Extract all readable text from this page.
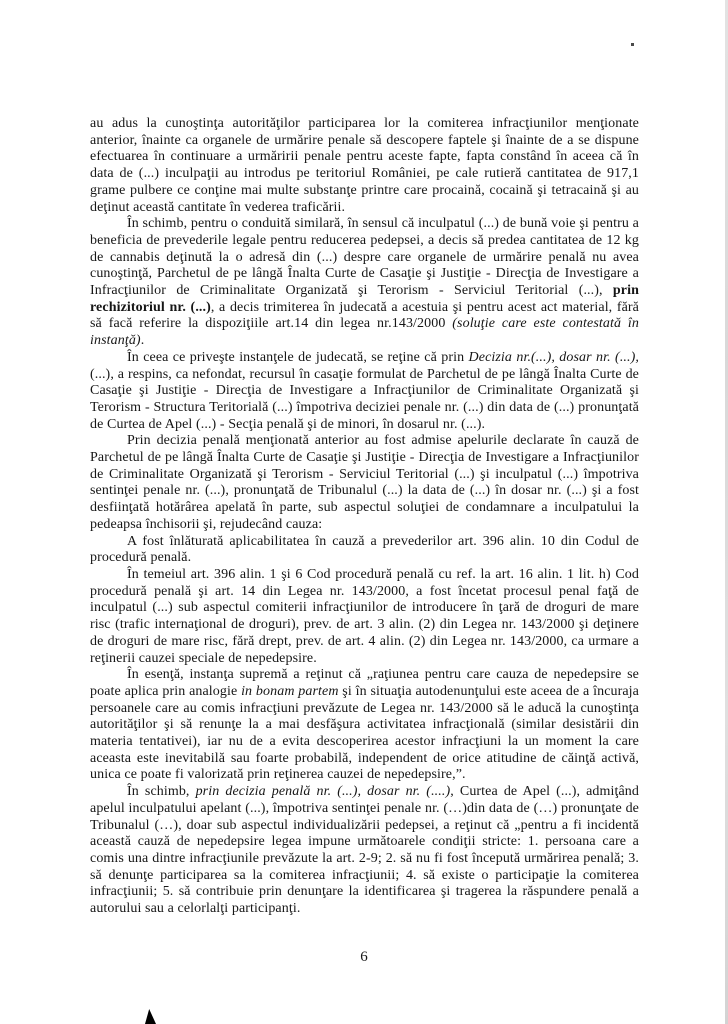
au adus la cunoştinţa autorităţilor participarea lor la comiterea infracţiunilor menţionate anterior, înainte ca organele de urmărire penale să descopere faptele şi înainte de a se dispune efectuarea în continuare a urmăririi penale pentru aceste fapte, fapta constând în aceea că în data de (...) inculpaţii au introdus pe teritoriul României, pe cale rutieră cantitatea de 917,1 grame pulbere ce conţine mai multe substanţe printre care procaină, cocaină şi tetracaină şi au deţinut această cantitate în vederea traficării.

În schimb, pentru o conduită similară, în sensul că inculpatul (...) de bună voie şi pentru a beneficia de prevederile legale pentru reducerea pedepsei, a decis să predea cantitatea de 12 kg de cannabis deţinută la o adresă din (...) despre care organele de urmărire penală nu avea cunoştinţă, Parchetul de pe lângă Înalta Curte de Casaţie şi Justiţie - Direcţia de Investigare a Infracţiunilor de Criminalitate Organizată şi Terorism - Serviciul Teritorial (...), prin rechizitoriul nr. (...), a decis trimiterea în judecată a acestuia şi pentru acest act material, fără să facă referire la dispoziţiile art.14 din legea nr.143/2000 (soluţie care este contestată în instanţă).

În ceea ce priveşte instanţele de judecată, se reţine că prin Decizia nr.(...), dosar nr. (...), (...), a respins, ca nefondat, recursul în casaţie formulat de Parchetul de pe lângă Înalta Curte de Casaţie şi Justiţie - Direcţia de Investigare a Infracţiunilor de Criminalitate Organizată şi Terorism - Structura Teritorială (...) împotriva deciziei penale nr. (...) din data de (...) pronunţată de Curtea de Apel (...) - Secţia penală şi de minori, în dosarul nr. (...).

Prin decizia penală menţionată anterior au fost admise apelurile declarate în cauză de Parchetul de pe lângă Înalta Curte de Casaţie şi Justiţie - Direcţia de Investigare a Infracţiunilor de Criminalitate Organizată şi Terorism - Serviciul Teritorial (...) şi inculpatul (...) împotriva sentinţei penale nr. (...), pronunţată de Tribunalul (...) la data de (...) în dosar nr. (...) şi a fost desfiinţată hotărârea apelată în parte, sub aspectul soluţiei de condamnare a inculpatului la pedeapsa închisorii şi, rejudecând cauza:

A fost înlăturată aplicabilitatea în cauză a prevederilor art. 396 alin. 10 din Codul de procedură penală.

În temeiul art. 396 alin. 1 şi 6 Cod procedură penală cu ref. la art. 16 alin. 1 lit. h) Cod procedură penală şi art. 14 din Legea nr. 143/2000, a fost încetat procesul penal faţă de inculpatul (...) sub aspectul comiterii infracţiunilor de introducere în ţară de droguri de mare risc (trafic internaţional de droguri), prev. de art. 3 alin. (2) din Legea nr. 143/2000 şi deţinere de droguri de mare risc, fără drept, prev. de art. 4 alin. (2) din Legea nr. 143/2000, ca urmare a reţinerii cauzei speciale de nepedepsire.

În esenţă, instanţa supremă a reţinut că „raţiunea pentru care cauza de nepedepsire se poate aplica prin analogie in bonam partem şi în situaţia autodenunţului este aceea de a încuraja persoanele care au comis infracţiuni prevăzute de Legea nr. 143/2000 să le aducă la cunoştinţa autorităţilor şi să renunţe la a mai desfăşura activitatea infracţională (similar desistării din materia tentativei), iar nu de a evita descoperirea acestor infracţiuni la un moment la care aceasta este inevitabilă sau foarte probabilă, independent de orice atitudine de căinţă activă, unica ce poate fi valorizată prin reţinerea cauzei de nepedepsire,”.

În schimb, prin decizia penală nr. (...), dosar nr. (....), Curtea de Apel (...), admiţând apelul inculpatului apelant (...), împotriva sentinţei penale nr. (…)din data de (…) pronunţate de Tribunalul (…), doar sub aspectul individualizării pedepsei, a reţinut că „pentru a fi incidentă această cauză de nepedepsire legea impune următoarele condiţii stricte: 1. persoana care a comis una dintre infracţiunile prevăzute la art. 2-9; 2. să nu fi fost începută urmărirea penală; 3. să denunţe participarea sa la comiterea infracţiunii; 4. să existe o participaţie la comiterea infracţiunii; 5. să contribuie prin denunţare la identificarea şi tragerea la răspundere penală a autorului sau a celorlalţi participanţi.

6
